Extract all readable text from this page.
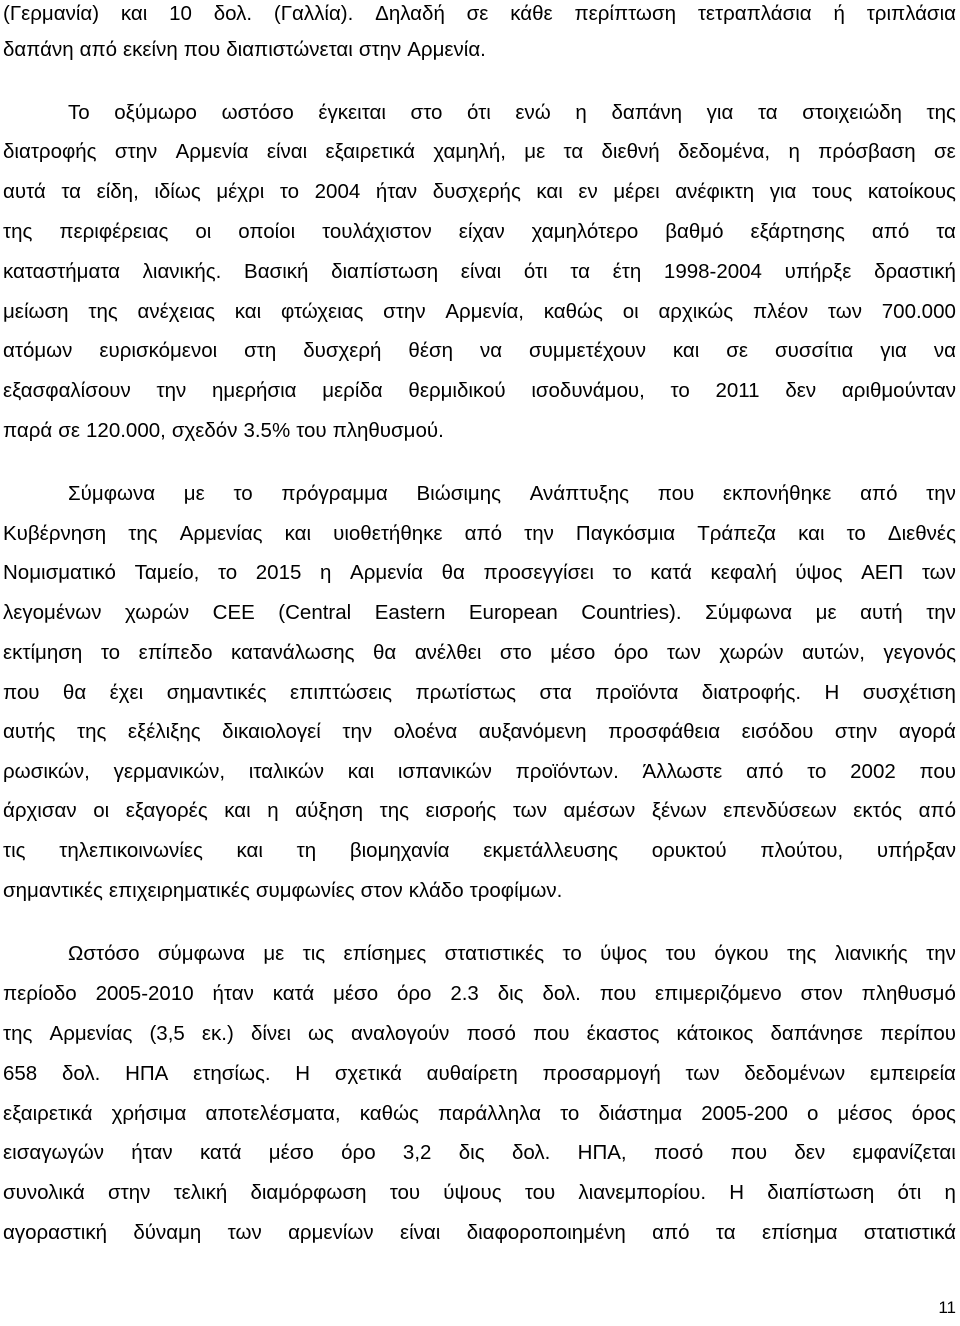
(Γερμανία) και 10 δολ. (Γαλλία). Δηλαδή σε κάθε περίπτωση τετραπλάσια ή τριπλάσια
δαπάνη από εκείνη που διαπιστώνεται στην Αρμενία.
Το οξύμωρο ωστόσο έγκειται στο ότι ενώ η δαπάνη για τα στοιχειώδη της
διατροφής στην Αρμενία είναι εξαιρετικά χαμηλή, με τα διεθνή δεδομένα, η πρόσβαση σε
αυτά τα είδη, ιδίως μέχρι το 2004 ήταν δυσχερής και εν μέρει ανέφικτη για τους κατοίκους
της περιφέρειας οι οποίοι τουλάχιστον είχαν χαμηλότερο βαθμό εξάρτησης από τα
καταστήματα λιανικής. Βασική διαπίστωση είναι ότι τα έτη 1998-2004 υπήρξε δραστική
μείωση της ανέχειας και φτώχειας στην Αρμενία, καθώς οι αρχικώς πλέον των 700.000
ατόμων ευρισκόμενοι στη δυσχερή θέση να συμμετέχουν και σε συσσίτια για να
εξασφαλίσουν την ημερήσια μερίδα θερμιδικού ισοδυνάμου, το 2011 δεν αριθμούνταν
παρά σε 120.000, σχεδόν 3.5% του πληθυσμού.
Σύμφωνα με το πρόγραμμα Βιώσιμης Ανάπτυξης που εκπονήθηκε από την
Κυβέρνηση της Αρμενίας και υιοθετήθηκε από την Παγκόσμια Τράπεζα και το Διεθνές
Νομισματικό Ταμείο, το 2015 η Αρμενία θα προσεγγίσει το κατά κεφαλή ύψος ΑΕΠ των
λεγομένων χωρών CEE (Central Eastern European Countries). Σύμφωνα με αυτή την
εκτίμηση το επίπεδο κατανάλωσης θα ανέλθει στο μέσο όρο των χωρών αυτών, γεγονός
που θα έχει σημαντικές επιπτώσεις πρωτίστως στα προϊόντα διατροφής. Η συσχέτιση
αυτής της εξέλιξης δικαιολογεί την ολοένα αυξανόμενη προσφάθεια εισόδου στην αγορά
ρωσικών, γερμανικών, ιταλικών και ισπανικών προϊόντων. Άλλωστε από το 2002 που
άρχισαν οι εξαγορές και η αύξηση της εισροής των αμέσων ξένων επενδύσεων εκτός από
τις τηλεπικοινωνίες και τη βιομηχανία εκμετάλλευσης ορυκτού πλούτου, υπήρξαν
σημαντικές επιχειρηματικές συμφωνίες στον κλάδο τροφίμων.
Ωστόσο σύμφωνα με τις επίσημες στατιστικές το ύψος του όγκου της λιανικής την
περίοδο 2005-2010 ήταν κατά μέσο όρο 2.3 δις δολ. που επιμεριζόμενο στον πληθυσμό
της Αρμενίας (3,5 εκ.) δίνει ως αναλογούν ποσό που έκαστος κάτοικος δαπάνησε περίπου
658 δολ. ΗΠΑ ετησίως. Η σχετικά αυθαίρετη προσαρμογή των δεδομένων εμπειρεία
εξαιρετικά χρήσιμα αποτελέσματα, καθώς παράλληλα το διάστημα 2005-200 ο μέσος όρος
εισαγωγών ήταν κατά μέσο όρο 3,2 δις δολ. ΗΠΑ, ποσό που δεν εμφανίζεται
συνολικά στην τελική διαμόρφωση του ύψους του λιανεμπορίου. Η διαπίστωση ότι η
αγοραστική δύναμη των αρμενίων είναι διαφοροποιημένη από τα επίσημα στατιστικά
11
